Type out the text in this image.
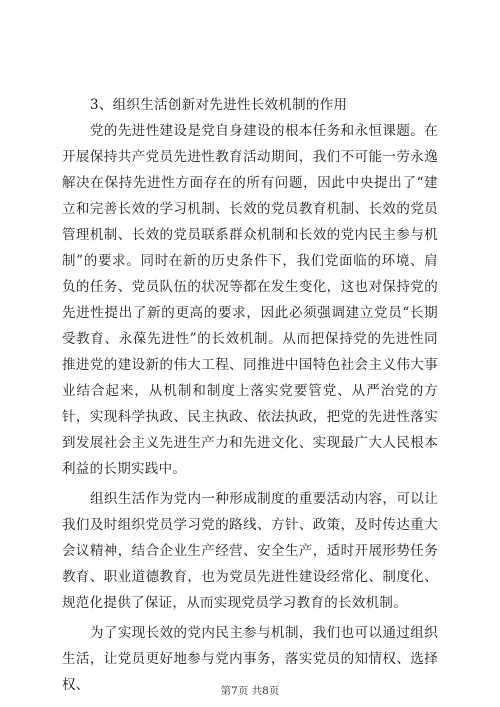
3、组织生活创新对先进性长效机制的作用

党的先进性建设是党自身建设的根本任务和永恒课题。在开展保持共产党员先进性教育活动期间，我们不可能一劳永逸解决在保持先进性方面存在的所有问题，因此中央提出了“建立和完善长效的学习机制、长效的党员教育机制、长效的党员管理机制、长效的党员联系群众机制和长效的党内民主参与机制”的要求。同时在新的历史条件下，我们党面临的环境、肩负的任务、党员队伍的状况等都在发生变化，这也对保持党的先进性提出了新的更高的要求，因此必须强调建立党员“长期受教育、永葆先进性”的长效机制。从而把保持党的先进性同推进党的建设新的伟大工程、同推进中国特色社会主义伟大事业结合起来，从机制和制度上落实党要管党、从严治党的方针，实现科学执政、民主执政、依法执政，把党的先进性落实到发展社会主义先进生产力和先进文化、实现最广大人民根本利益的长期实践中。

组织生活作为党内一种形成制度的重要活动内容，可以让我们及时组织党员学习党的路线、方针、政策，及时传达重大会议精神，结合企业生产经营、安全生产，适时开展形势任务教育、职业道德教育，也为党员先进性建设经常化、制度化、规范化提供了保证，从而实现党员学习教育的长效机制。

为了实现长效的党内民主参与机制，我们也可以通过组织生活，让党员更好地参与党内事务，落实党员的知情权、选择权、	第7页 共8页
